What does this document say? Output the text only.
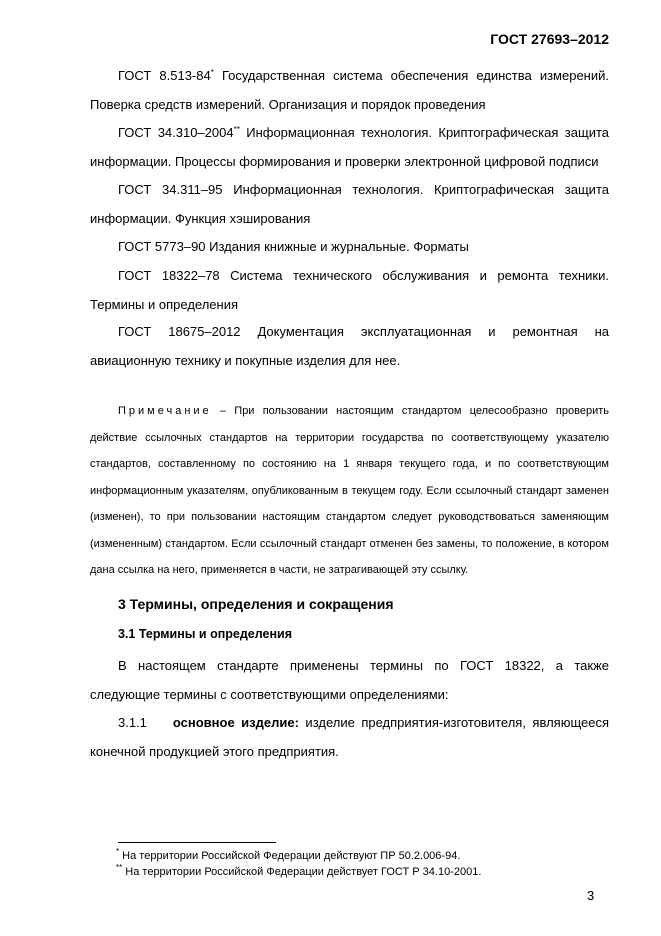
ГОСТ 27693–2012
ГОСТ 8.513-84* Государственная система обеспечения единства измерений. Поверка средств измерений. Организация и порядок проведения
ГОСТ 34.310–2004** Информационная технология. Криптографическая защита информации. Процессы формирования и проверки электронной цифровой подписи
ГОСТ 34.311–95 Информационная технология. Криптографическая защита информации. Функция хэширования
ГОСТ 5773–90 Издания книжные и журнальные. Форматы
ГОСТ 18322–78 Система технического обслуживания и ремонта техники. Термины и определения
ГОСТ 18675–2012 Документация эксплуатационная и ремонтная на авиационную технику и покупные изделия для нее.
Примечание – При пользовании настоящим стандартом целесообразно проверить действие ссылочных стандартов на территории государства по соответствующему указателю стандартов, составленному по состоянию на 1 января текущего года, и по соответствующим информационным указателям, опубликованным в текущем году. Если ссылочный стандарт заменен (изменен), то при пользовании настоящим стандартом следует руководствоваться заменяющим (измененным) стандартом. Если ссылочный стандарт отменен без замены, то положение, в котором дана ссылка на него, применяется в части, не затрагивающей эту ссылку.
3 Термины, определения и сокращения
3.1 Термины и определения
В настоящем стандарте применены термины по ГОСТ 18322, а также следующие термины с соответствующими определениями:
3.1.1 основное изделие: изделие предприятия-изготовителя, являющееся конечной продукцией этого предприятия.
* На территории Российской Федерации действуют ПР 50.2.006-94.
** На территории Российской Федерации действует ГОСТ Р 34.10-2001.
3
